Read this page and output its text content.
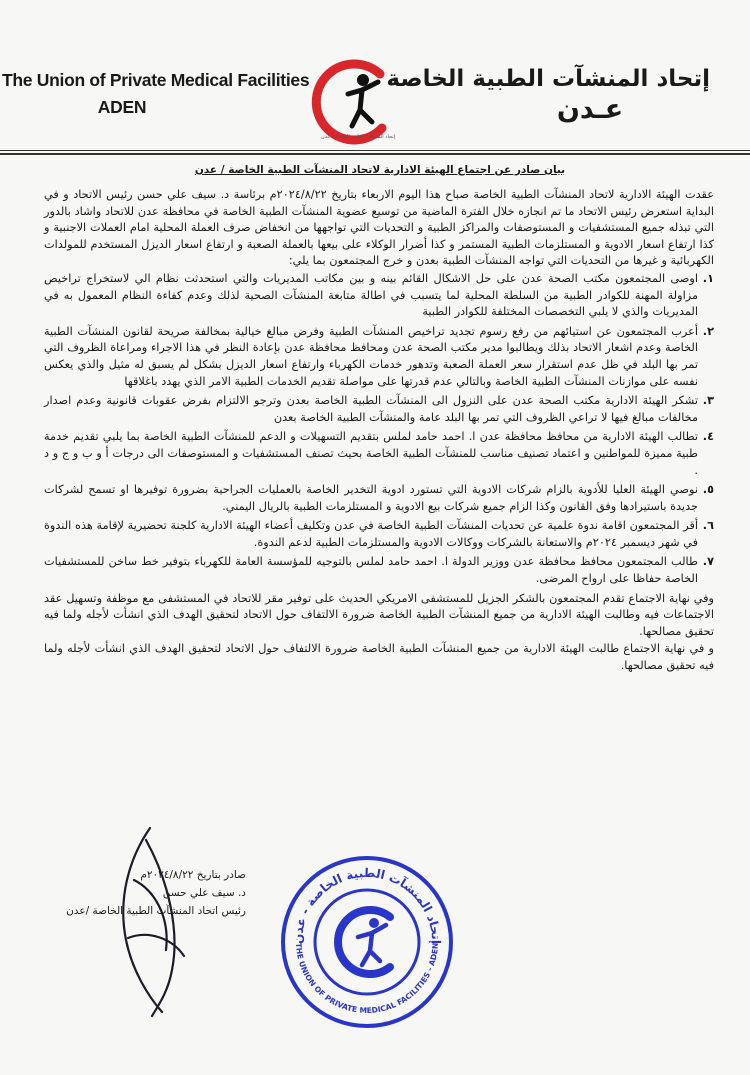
The Union of Private Medical Facilities
ADEN
إتحاد المنشآت الطبية الخاصة - عدن
إتحاد المنشآت الطبية الخاصة
عـدن
بيان صادر عن اجتماع الهيئة الادارية لاتحاد المنشآت الطبية الخاصة / عدن

عقدت الهيئة الادارية لاتحاد المنشآت الطبية الخاصة صباح هذا اليوم الاربعاء بتاريخ ٢٠٢٤/٨/٢٢م برئاسة د. سيف علي حسن رئيس الاتحاد و في البداية استعرض رئيس الاتحاد ما تم انجازه خلال الفترة الماضية من توسيع عضوية المنشآت الطبية الخاصة في محافظة عدن للاتحاد واشاد بالدور التي تبذله جميع المستشفيات و المستوصفات والمراكز الطبية و التحديات التي تواجهها من انخفاض صرف العملة المحلية امام العملات الاجنبية و كذا ارتفاع اسعار الادوية و المستلزمات الطبية المستمر و كذا أضرار الوكلاء على بيعها بالعملة الصعبة و ارتفاع اسعار الديزل المستخدم للمولدات الكهربائية و غيرها من التحديات التي تواجه المنشآت الطبية بعدن و خرج المجتمعون بما يلي:

١.
اوصى المجتمعون مكتب الصحة عدن على حل الاشكال القائم بينه و بين مكاتب المديريات والتي استحدثت نظام الي لاستخراج تراخيص مزاولة المهنة للكوادر الطبية من السلطة المحلية لما يتسبب في اطالة متابعة المنشآت الصحية لذلك وعدم كفاءة النظام المعمول به في المديريات والذي لا يلبي التخصصات المختلفة للكوادر الطبية
٢.
أعرب المجتمعون عن استيائهم من رفع رسوم تجديد تراخيص المنشآت الطبية وفرض مبالغ خيالية بمخالفة صريحة لقانون المنشآت الطبية الخاصة وعدم اشعار الاتحاد بذلك ويطالبوا مدير مكتب الصحة عدن ومحافظ محافظة عدن بإعادة النظر في هذا الاجراء ومراعاة الظروف التي تمر بها البلد في ظل عدم استقرار سعر العملة الصعبة وتدهور خدمات الكهرباء وارتفاع اسعار الديزل بشكل لم يسبق له مثيل والذي يعكس نفسه على موازنات المنشآت الطبية الخاصة وبالتالي عدم قدرتها على مواصلة تقديم الخدمات الطبية الامر الذي يهدد باغلاقها
٣.
تشكر الهيئة الادارية مكتب الصحة عدن على النزول الى المنشآت الطبية الخاصة بعدن وترجو الالتزام بفرض عقوبات قانونية وعدم اصدار مخالفات مبالغ فيها لا تراعي الظروف التي تمر بها البلد عامة والمنشآت الطبية الخاصة بعدن
٤.
تطالب الهيئة الادارية من محافظ محافظة عدن ا. احمد حامد لملس بتقديم التسهيلات و الدعم للمنشآت الطبية الخاصة بما يلبي تقديم خدمة طبية مميزة للمواطنين و اعتماد تصنيف مناسب للمنشآت الطبية الخاصة بحيث تصنف المستشفيات و المستوصفات الى درجات أ و ب و ج و د .
٥.
نوصي الهيئة العليا للأدوية بالزام شركات الادوية التي تستورد ادوية التخدير الخاصة بالعمليات الجراحية بضرورة توفيرها او تسمح لشركات جديدة باستيرادها وفق القانون وكذا الزام جميع شركات بيع الادوية و المستلزمات الطبية بالريال اليمني.
٦.
أقر المجتمعون اقامة ندوة علمية عن تحديات المنشآت الطبية الخاصة في عدن وتكليف أعضاء الهيئة الادارية كلجنة تحضيرية لإقامة هذه الندوة في شهر ديسمبر ٢٠٢٤م والاستعانة بالشركات ووكالات الادوية والمستلزمات الطبية لدعم الندوة.
٧.
طالب المجتمعون محافظ محافظة عدن ووزير الدولة ا. احمد حامد لملس بالتوجيه للمؤسسة العامة للكهرباء بتوفير خط ساخن للمستشفيات الخاصة حفاظا على ارواح المرضى.

وفي نهاية الاجتماع تقدم المجتمعون بالشكر الجزيل للمستشفى الامريكي الحديث على توفير مقر للاتحاد في المستشفى مع موظفة وتسهيل عقد الاجتماعات فيه وطالبت الهيئة الادارية من جميع المنشآت الطبية الخاصة ضرورة الالتفاف حول الاتحاد لتحقيق الهدف الذي انشأت لأجله ولما فيه تحقيق مصالحها.

و في نهاية الاجتماع طالبت الهيئة الادارية من جميع المنشآت الطبية الخاصة ضرورة الالتفاف حول الاتحاد لتحقيق الهدف الذي انشأت لأجله ولما فيه تحقيق مصالحها.

صادر بتاريخ ٢٠٢٤/٨/٢٢م
د. سيف علي حسن
رئيس اتحاد المنشآت الطبية الخاصة /عدن
إتحاد المنشآت الطبية الخاصة - عدن
THE UNION OF PRIVATE MEDICAL FACILITIES - ADEN
